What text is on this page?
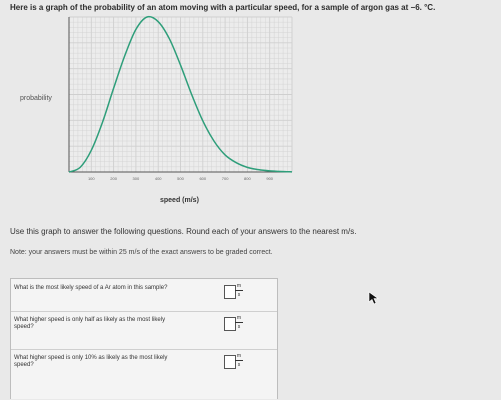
Here is a graph of the probability of an atom moving with a particular speed, for a sample of argon gas at −6. °C.
probability
100	200	300	400	500	600	700	800	900
speed (m/s)
Use this graph to answer the following questions. Round each of your answers to the nearest m/s.
Note: your answers must be within 25 m/s of the exact answers to be graded correct.
What is the most likely speed of a Ar atom in this sample?	m
s
What higher speed is only half as likely as the most likely speed?
m
s
What higher speed is only 10% as likely as the most likely speed?
m
s
